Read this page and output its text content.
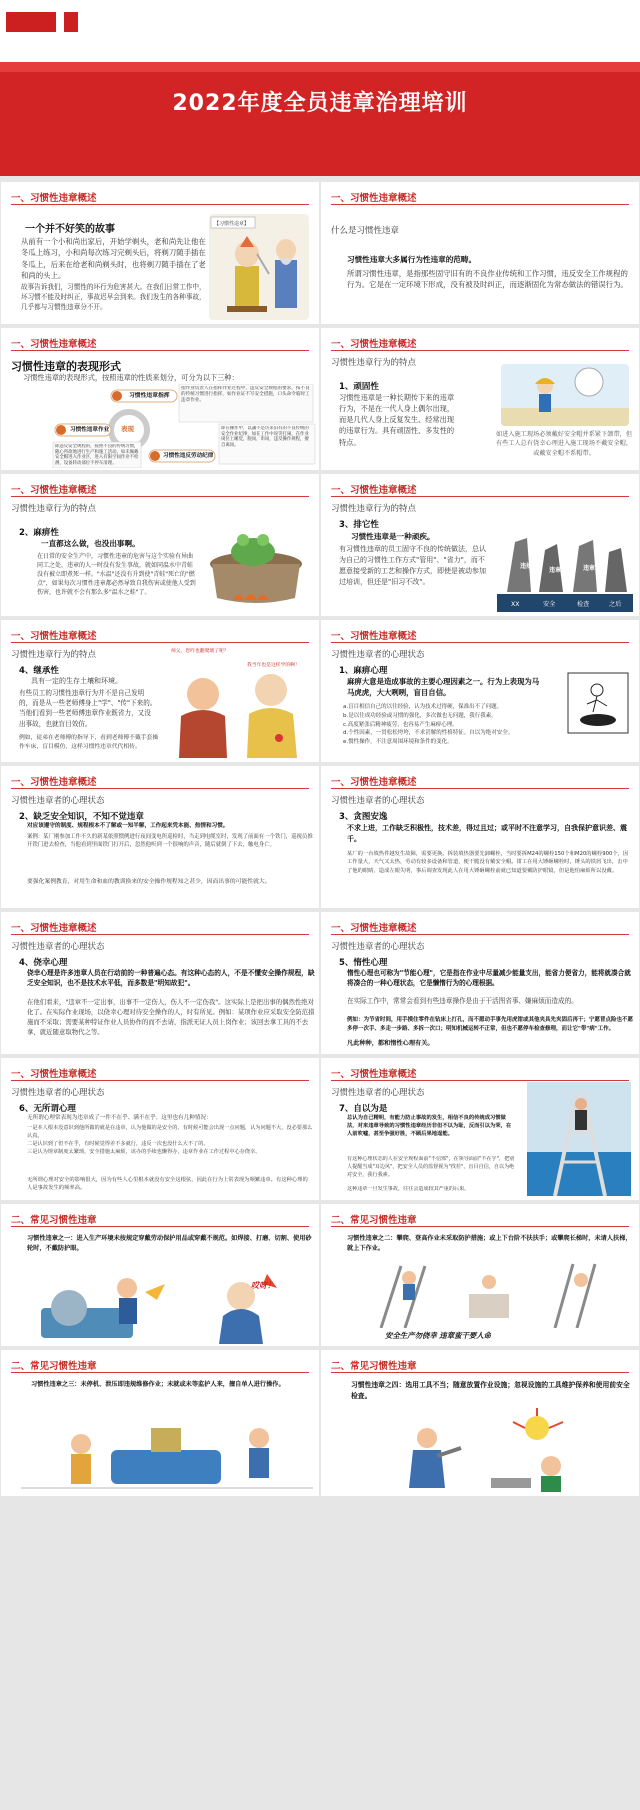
2022年度全员违章治理培训
一、习惯性违章概述
一个并不好笑的故事
从前有一个小和尚出家后，开始学剃头，老和尚先让他在冬瓜上练习，小和尚每次练习完剃头后，将剃刀随手插在冬瓜上，后来在给老和尚剃头时，也将剃刀随手插在了老和尚的头上。
故事告诉我们，习惯性的坏行为危害甚大。在我们日常工作中，坏习惯不能及时纠正，事故迟早会到来。我们发生的各种事故，几乎都与习惯性违章分不开。
【习惯性违章】
一、习惯性违章概述
什么是习惯性违章
习惯性违章大多属行为性违章的范畴。
所谓习惯性违章，是指那些固守旧有的不良作业传统和工作习惯，违反安全工作规程的行为。它是在一定环境下形成，没有被及时纠正，而逐渐固化为常态做法的错误行为。
一、习惯性违章概述
习惯性违章的表现形式
习惯性违章的表现形式，按照违章的性质来划分，可分为以下三种：
习惯性违章指挥
习惯性违章作业
习惯性违反劳动纪律
表现
指作业负责人在指挥作业过程中，违反安全规程的要求，按不良的传统习惯进行指挥，如作业证不写安全措施，口头命令临时工违章作业。
即违反安全规程的，按照不良的传统习惯，随心所欲地进行生产和施工活动。如未佩戴安全帽进入作业区，进入有限空间作业不检测，设备转动部位不停车清理。
即在操作中，以讓不是历来旧有的不良传统的安全作业纪律，如在工作中说笑打闹，在作业岗位上睡觉，脱岗，串岗，违反操作规程，擅自离岗。
一、习惯性违章概述
习惯性违章行为的特点
1、顽固性
习惯性违章是一种长期传下来的违章行为，不是在一代人身上偶尔出现，而是几代人身上反复发生、经常出现的违章行为。具有顽固性、多发性的特点。
如进入施工现场必须戴好安全帽并系紧下颌带，但有些工人总有侥幸心理进入施工现场不戴安全帽，或戴安全帽不系帽带。
一、习惯性违章概述
习惯性违章行为的特点
2、麻痹性
一直都这么做，也没出事啊。
在日常的安全生产中，习惯性违章的危害与这个实验有异曲同工之处，违章的人一时没有发生事故，就如同温水中青蛙没有被立即煮死一样。"水温"还没有升到使"青蛙"死亡的"燃点"，如果每次习惯性违章都必然导致自我伤害或使他人受到伤害，也许就不会有那么多"温水之蛙"了。
一、习惯性违章概述
习惯性违章行为的特点
3、排它性
习惯性违章是一种顽疾。
有习惯性违章的员工固守不良的传统做法，总认为自己的习惯性工作方式"管用"、"省力"，而不愿意接受新的工艺和操作方式，即使是被动参加过培训，但还是"旧习不改"。
违规
违章	违章
XX	安全	检查	之后
一、习惯性违章概述
习惯性违章行为的特点
4、继承性
具有一定的生存土壤和环境。
有些员工的习惯性违章行为并不是自己发明的，而是从一些老师傅身上"学"、"传"下来的。当他们看到一些老师傅违章作业既省力，又没出事故，也就盲目效仿。
例如，徒弟在老师傅的指导下，看到老师傅不戴手套操作车床，盲目模仿，这样习惯性违章代代相传。
师父，您咋也翻爬墙了呢？
我当年也是这样学的啊！
一、习惯性违章概述
习惯性违章者的心理状态
1、麻痹心理
麻痹大意是造成事故的主要心理因素之一。行为上表现为马马虎虎，大大咧咧，盲目自信。
a.盲目相信自己的以往经验，认为技术过得硬，保准出不了问题。
b.是以往成功经验或习惯的强化，多次做也无问题，我行我素。
c.高度紧张后精神疲劳，也容易产生麻痹心理。
d.个性因素，一贯松松垮垮，不求甚解的性格特征。自以为绝对安全。
e.惯性操作，不注意周围环境和条件的变化。
一、习惯性违章概述
习惯性违章者的心理状态
2、缺乏安全知识，不知不觉违章
对应该遵守的制度、规程根本不了解或一知半解，工作起来凭本能、热情和习惯。
案例：某厂刚参加工作不久的新某依照惯例进行夜间变电所巡检时，当走到电缆室时，发现了前面有一个铁门，巡视员推开铁门进去检查，当他看到里面铁门打开后，忽然他听到一个很响的声音，随后就倒了下去，触电身亡。
要强化案例教育，对用生命和血的教训换来的安全操作规程知之甚少，因而出事的可能性就大。
一、习惯性违章概述
习惯性违章者的心理状态
3、贪图安逸
不求上进，工作缺乏积极性，技术差，得过且过；或平时不注意学习，自我保护意识差、震千。
某厂的一台填热件越发生故障，需要更换。拆装填热器要先卸螺栓，当时要拆M24的螺栓150个和M20的螺栓900个，因工作量大，天气又太热，劳动有较多设备和管道，便干脆没有戴安全帽。钳工在用大锤砸螺栓时，锤头的铁屑飞出，击中了他的眼睛，造成左眼失明，事后调查发现此人在用大锤砸螺栓前就已知道要戴防护眼镜，但是他怕麻烦所以没戴。
一、习惯性违章概述
习惯性违章者的心理状态
4、侥幸心理
侥幸心理是许多违章人员在行动前的一种普遍心态。有这种心态的人，不是不懂安全操作规程，缺乏安全知识，也不是技术水平低，而多数是"明知故犯"。
在他们看来，"违章不一定出事，出事不一定伤人，伤人不一定伤我"。这实际上是把出事的偶然性绝对化了。在实际作业现场，以侥幸心理对待安全操作的人，时有所见。例如：某项作业应采取安全防范措施而不采取；需要某种特证作业人员协作的而不去请，指派无证人员上岗作业；该回去拿工具的不去拿，就近随意取物代之等。
一、习惯性违章概述
习惯性违章者的心理状态
5、惰性心理
惰性心理也可称为"节能心理"，它是指在作业中尽量减少能量支出，能省力便省力，能将就凑合就将凑合的一种心理状态，它是懒惰行为的心理根据。
在实际工作中，常常会看到有些违章操作是由于干活图省事、嫌麻烦而造成的。
例如：为节省时间，用手摸住零件在钻床上打孔，而不愿动手事先用虎钳或其他夹具先夹固后再干；宁愿冒点险也不愿多停一次手、多走一步路、多拆一次口；明知机械运转不正常，但也不愿停车检查修理，而让它"带"病"工作。
凡此种种，都和惰性心理有关。
一、习惯性违章概述
习惯性违章者的心理状态
6、无所谓心理
无所谓心理常表现为违章成了一件不在乎、满不在乎。这里也有几种情况：
一是本人根本没意识到他所做的就是在违章，认为他做的是安全的，有时候可能会出现一点问题，认为问题不大，没必要那么认真。
二是认识到了但不在乎，有时候觉得差不多就行，违反一次也没什么大不了的。
三是认为规章制度太繁琐，安全措施太麻烦，该办的手续也懒得办，违章作业在工作过程中心存侥幸。
无所谓心理对安全的影响很大，因为有些人心里根本就没有安全这根弦，因此在行为上常表现为频繁违章。有这种心理的人是事故发生的频率高。
一、习惯性违章概述
习惯性违章者的心理状态
7、自以为是
总认为自己精明，有能力防止事故的发生，相信不良的传统成习惯做法，对来违章导致的习惯性违章经历非但不以为耻，反而引以为荣，在人前吹嘘，甚至争强好胜，不顾后果地逞能。
有这种心理状态的人在安全规程面前"不信邪"，在领导面前"不在乎"，把别人提醒当成"耳边风"，把安全人员的监督视为"找茬"，盲目自信，自以为绝对安全，我行我素。
这种违章一旦发生事故，往往会造成较其严重的后果。
二、常见习惯性违章
习惯性违章之一：进入生产环境未按规定穿戴劳动保护用品或穿戴不规范。如焊接、打磨、切割、使用砂轮时，不戴防护眼。
哎呀！
二、常见习惯性违章
习惯性违章之二：攀爬、登高作业未采取防护措施；或上下台阶不扶扶手；或攀爬长梯时，未请人扶梯，就上下作业。
安全生产勿侥幸 违章蛮干要人命
二、常见习惯性违章
习惯性违章之三：未停机、泄压即违规维修作业；未就或未等监护人来，擅自单人进行操作。
二、常见习惯性违章
习惯性违章之四：选用工具不当；随意放置作业设施；忽视设施的工具维护保养和使用前安全检查。
